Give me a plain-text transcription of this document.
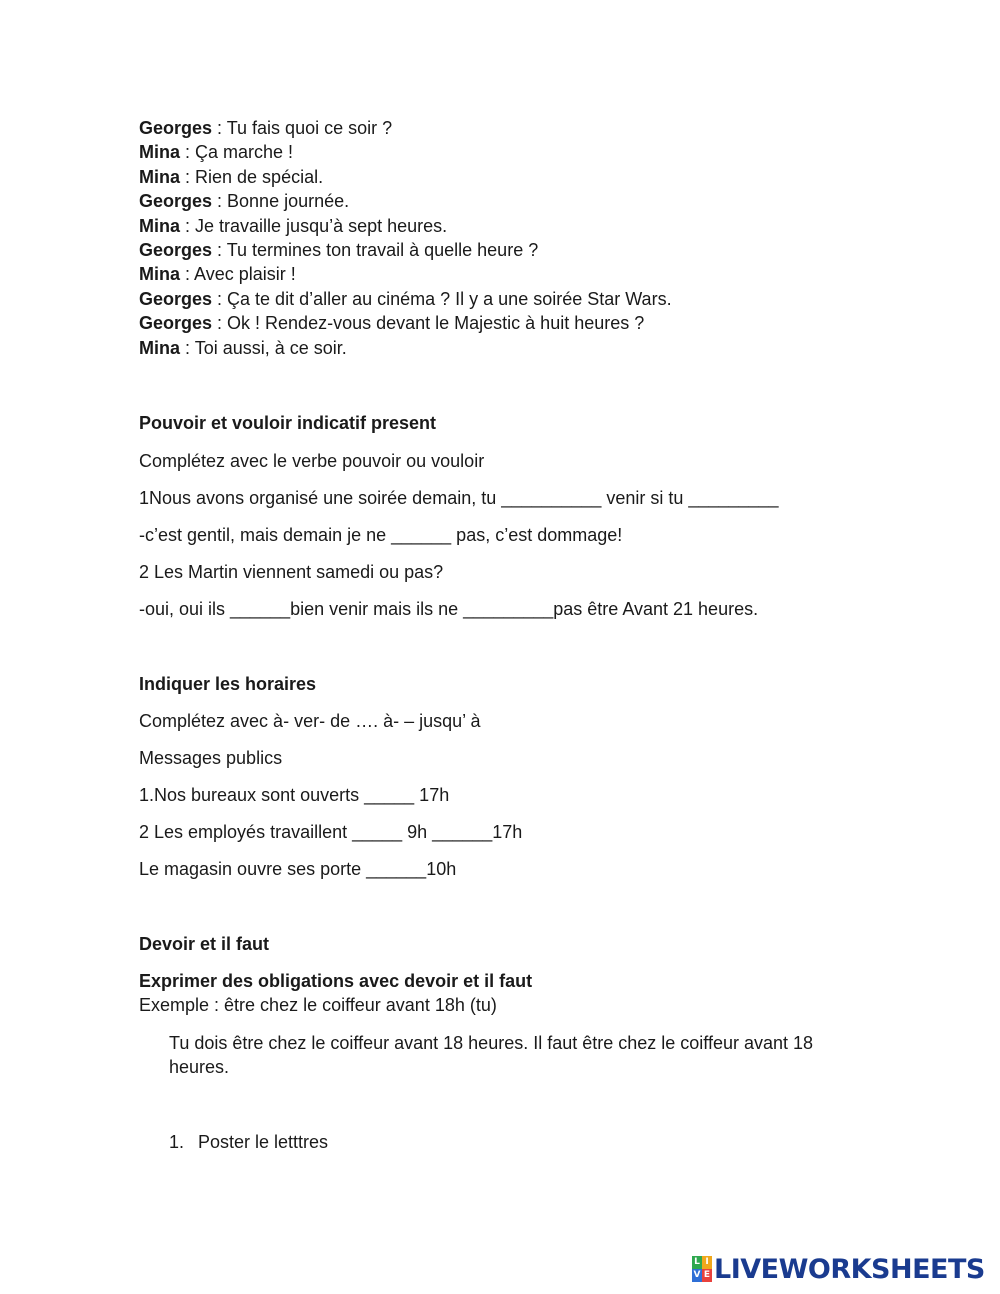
Georges : Tu fais quoi ce soir ?
Mina : Ça marche !
Mina : Rien de spécial.
Georges : Bonne journée.
Mina : Je travaille jusqu’à sept heures.
Georges : Tu termines ton travail à quelle heure ?
Mina : Avec plaisir !
Georges : Ça te dit d’aller au cinéma ? Il y a une soirée Star Wars.
Georges : Ok ! Rendez-vous devant le Majestic à huit heures ?
Mina : Toi aussi, à ce soir.
Pouvoir et vouloir indicatif present
Complétez avec le verbe pouvoir ou vouloir
1Nous avons organisé une soirée demain, tu __________ venir si tu _________
-c’est gentil, mais demain je ne ______ pas, c’est dommage!
2 Les Martin viennent samedi ou pas?
-oui, oui ils ______bien venir mais ils ne _________pas être Avant 21 heures.
Indiquer les horaires
Complétez avec à- ver- de …. à- – jusqu’ à
Messages publics
1.Nos bureaux sont ouverts _____ 17h
2 Les employés travaillent _____ 9h ______17h
Le magasin ouvre ses porte ______10h
Devoir et il faut
Exprimer des obligations avec devoir et il faut
Exemple : être chez le coiffeur avant 18h (tu)
Tu dois être chez le coiffeur avant 18 heures. Il faut être chez le coiffeur avant 18 heures.
1. Poster le letttres
L I
V E LIVEWORKSHEETS
